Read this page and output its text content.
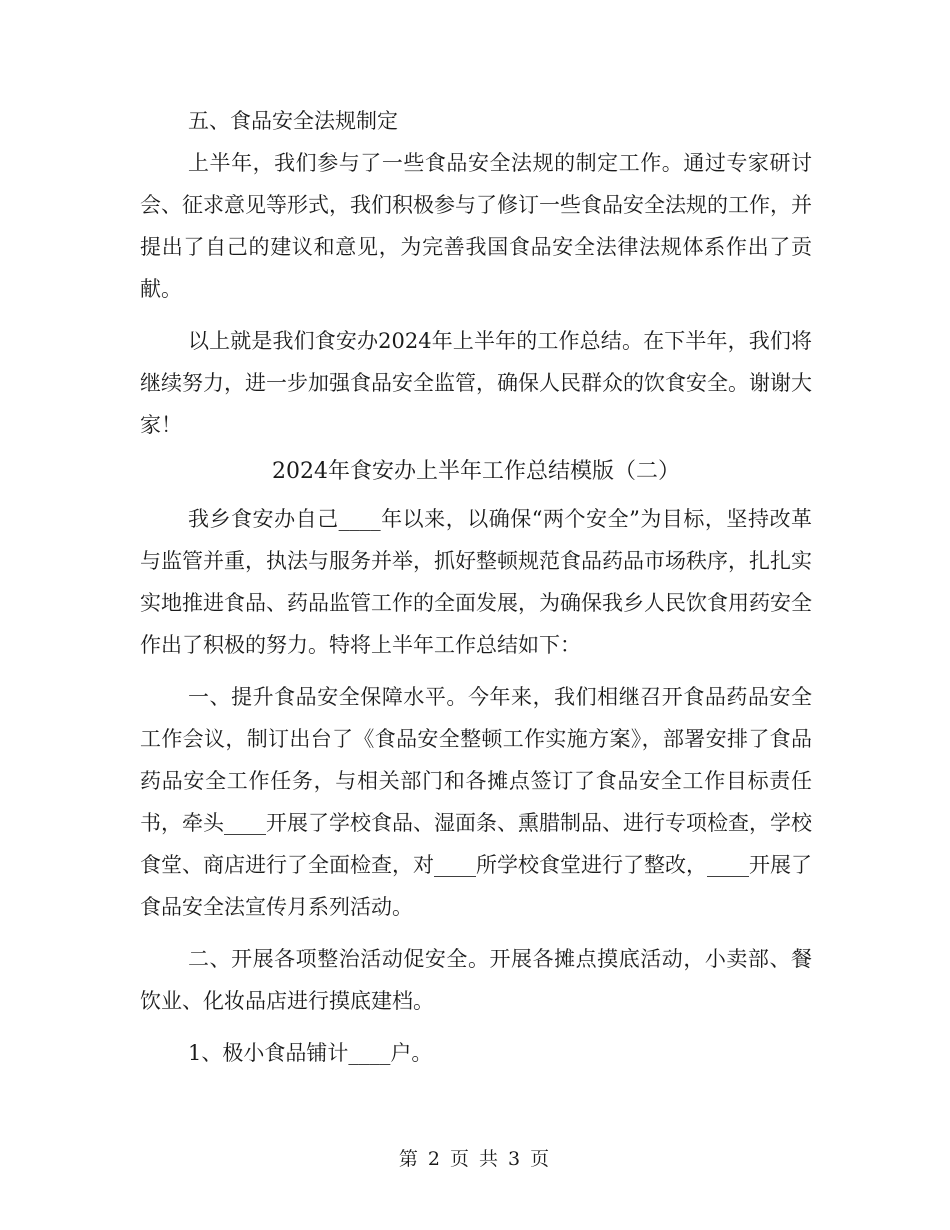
五、食品安全法规制定

上半年，我们参与了一些食品安全法规的制定工作。通过专家研讨会、征求意见等形式，我们积极参与了修订一些食品安全法规的工作，并提出了自己的建议和意见，为完善我国食品安全法律法规体系作出了贡献。

以上就是我们食安办2024年上半年的工作总结。在下半年，我们将继续努力，进一步加强食品安全监管，确保人民群众的饮食安全。谢谢大家！

2024年食安办上半年工作总结模版（二）

我乡食安办自己____年以来，以确保“两个安全”为目标，坚持改革与监管并重，执法与服务并举，抓好整顿规范食品药品市场秩序，扎扎实实地推进食品、药品监管工作的全面发展，为确保我乡人民饮食用药安全作出了积极的努力。特将上半年工作总结如下：

一、提升食品安全保障水平。今年来，我们相继召开食品药品安全工作会议，制订出台了《食品安全整顿工作实施方案》，部署安排了食品药品安全工作任务，与相关部门和各摊点签订了食品安全工作目标责任书，牵头____开展了学校食品、湿面条、熏腊制品、进行专项检查，学校食堂、商店进行了全面检查，对____所学校食堂进行了整改，____开展了食品安全法宣传月系列活动。

二、开展各项整治活动促安全。开展各摊点摸底活动，小卖部、餐饮业、化妆品店进行摸底建档。

1、极小食品铺计____户。

第 2 页 共 3 页
